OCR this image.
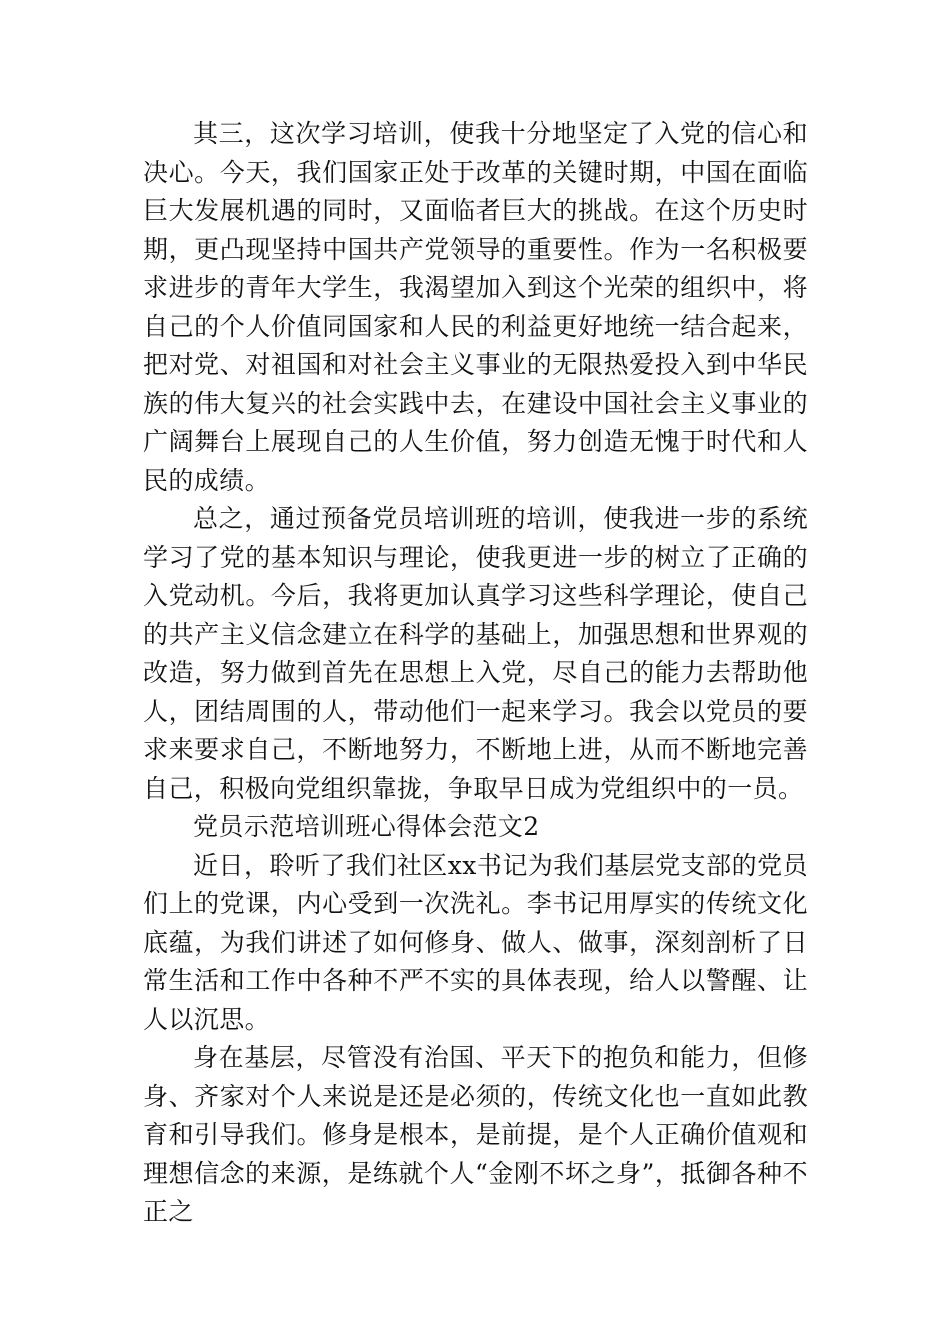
其三，这次学习培训，使我十分地坚定了入党的信心和决心。今天，我们国家正处于改革的关键时期，中国在面临巨大发展机遇的同时，又面临者巨大的挑战。在这个历史时期，更凸现坚持中国共产党领导的重要性。作为一名积极要求进步的青年大学生，我渴望加入到这个光荣的组织中，将自己的个人价值同国家和人民的利益更好地统一结合起来，把对党、对祖国和对社会主义事业的无限热爱投入到中华民族的伟大复兴的社会实践中去，在建设中国社会主义事业的广阔舞台上展现自己的人生价值，努力创造无愧于时代和人民的成绩。

总之，通过预备党员培训班的培训，使我进一步的系统学习了党的基本知识与理论，使我更进一步的树立了正确的入党动机。今后，我将更加认真学习这些科学理论，使自己的共产主义信念建立在科学的基础上，加强思想和世界观的改造，努力做到首先在思想上入党，尽自己的能力去帮助他人，团结周围的人，带动他们一起来学习。我会以党员的要求来要求自己，不断地努力，不断地上进，从而不断地完善自己，积极向党组织靠拢，争取早日成为党组织中的一员。

党员示范培训班心得体会范文2

近日，聆听了我们社区xx书记为我们基层党支部的党员们上的党课，内心受到一次洗礼。李书记用厚实的传统文化底蕴，为我们讲述了如何修身、做人、做事，深刻剖析了日常生活和工作中各种不严不实的具体表现，给人以警醒、让人以沉思。

身在基层，尽管没有治国、平天下的抱负和能力，但修身、齐家对个人来说是还是必须的，传统文化也一直如此教育和引导我们。修身是根本，是前提，是个人正确价值观和理想信念的来源，是练就个人“金刚不坏之身”，抵御各种不正之
